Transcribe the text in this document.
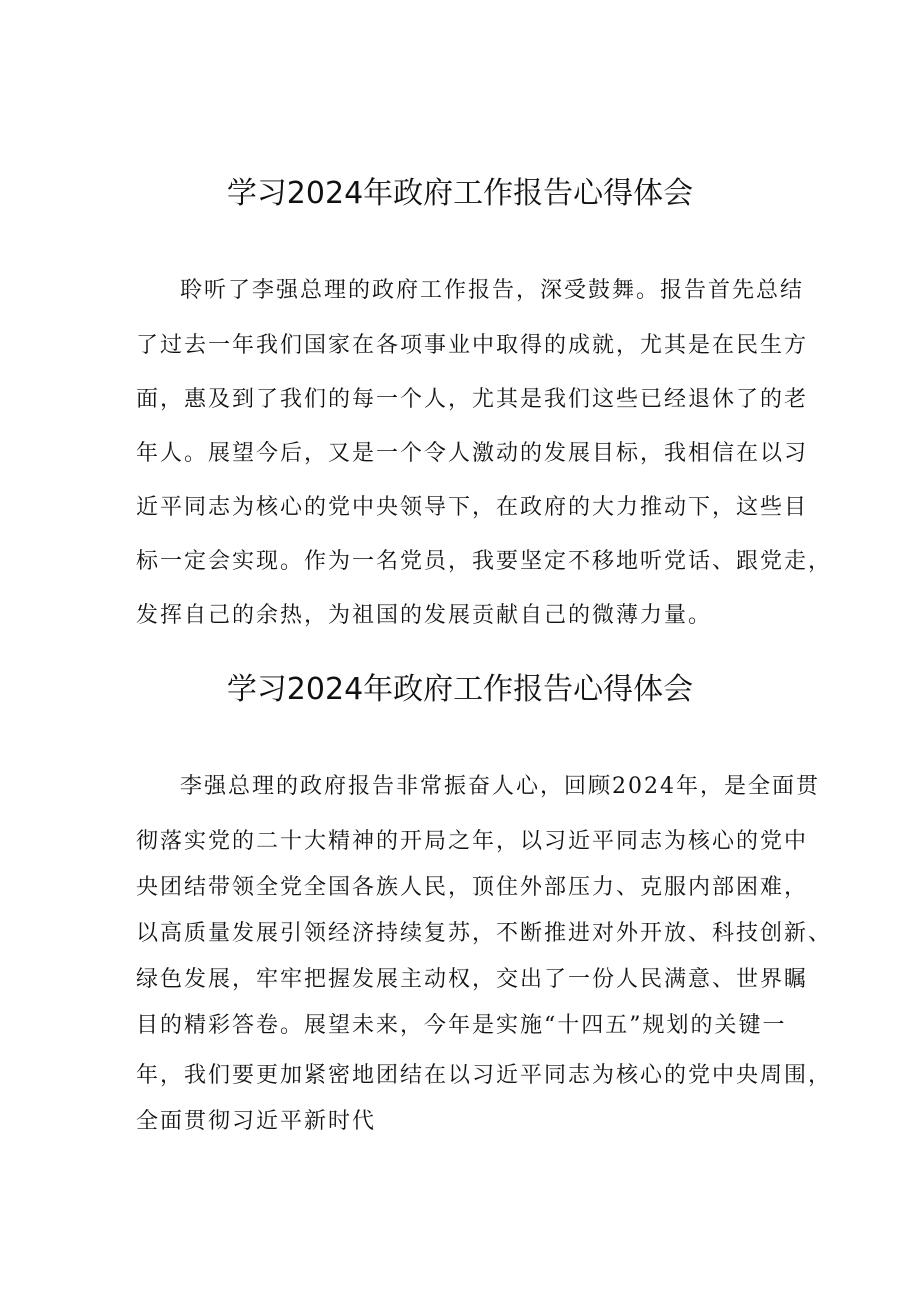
学习2024年政府工作报告心得体会

聆听了李强总理的政府工作报告，深受鼓舞。报告首先总结

了过去一年我们国家在各项事业中取得的成就，尤其是在民生方

面，惠及到了我们的每一个人，尤其是我们这些已经退休了的老

年人。展望今后，又是一个令人激动的发展目标，我相信在以习

近平同志为核心的党中央领导下，在政府的大力推动下，这些目

标一定会实现。作为一名党员，我要坚定不移地听党话、跟党走，

发挥自己的余热，为祖国的发展贡献自己的微薄力量。

学习2024年政府工作报告心得体会

李强总理的政府报告非常振奋人心，回顾2024年，是全面贯

彻落实党的二十大精神的开局之年，以习近平同志为核心的党中

央团结带领全党全国各族人民，顶住外部压力、克服内部困难，

以高质量发展引领经济持续复苏，不断推进对外开放、科技创新、

绿色发展，牢牢把握发展主动权，交出了一份人民满意、世界瞩

目的精彩答卷。展望未来，今年是实施“十四五”规划的关键一

年，我们要更加紧密地团结在以习近平同志为核心的党中央周围，

全面贯彻习近平新时代
